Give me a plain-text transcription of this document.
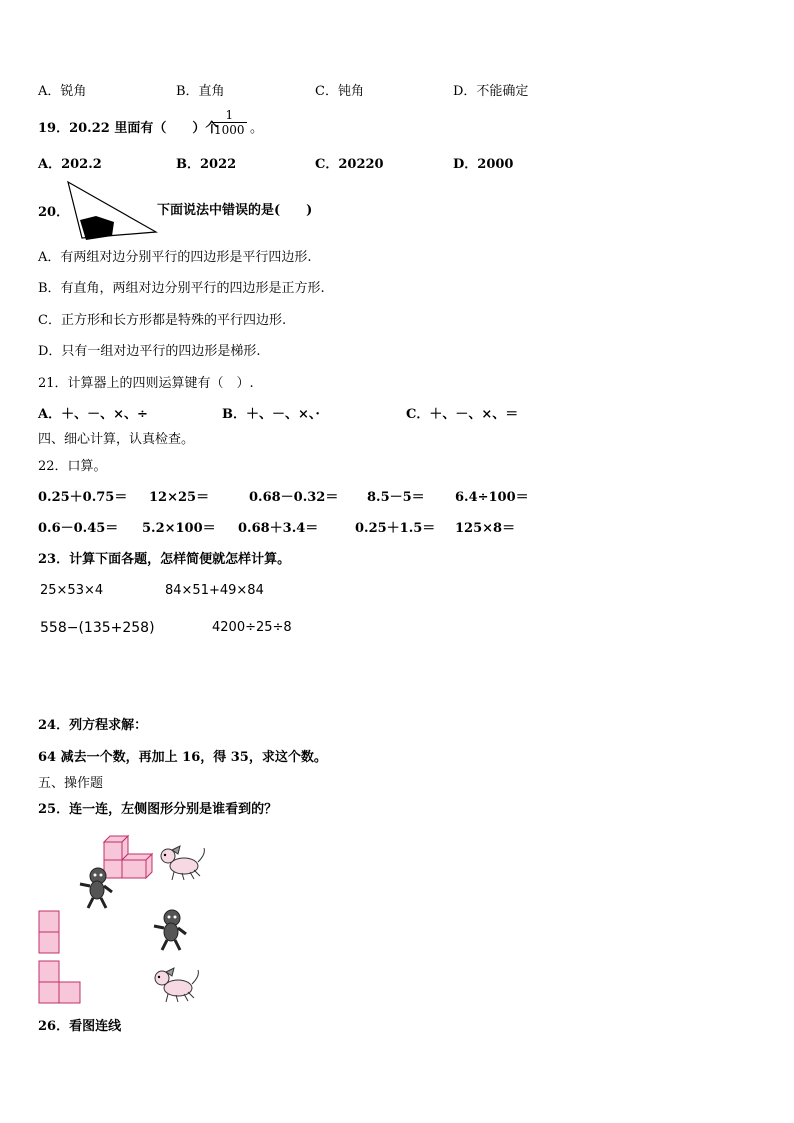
A．锐角	B．直角	C．钝角	D．不能确定
19．20.22 里面有（　　）个
$\frac{1}{1000}$ 。
A．202.2	B．2022	C．20220	D．2000
20．	下面说法中错误的是(　　)
A．有两组对边分别平行的四边形是平行四边形.
B．有直角，两组对边分别平行的四边形是正方形.
C．正方形和长方形都是特殊的平行四边形.
D．只有一组对边平行的四边形是梯形.
21．计算器上的四则运算键有（　）.
A．＋、－、×、÷	B．＋、－、×、·	C．＋、－、×、＝
四、细心计算，认真检查。
22．口算。
0.25＋0.75＝ 12×25＝	0.68－0.32＝ 8.5－5＝ 6.4÷100＝
0.6－0.45＝ 5.2×100＝ 0.68＋3.4＝	0.25＋1.5＝ 125×8＝
23．计算下面各题，怎样简便就怎样计算。
25×53×4	84×51+49×84
558−(135+258)	4200÷25÷8
24．列方程求解：
64 减去一个数，再加上 16，得 35，求这个数。
五、操作题
25．连一连，左侧图形分别是谁看到的？
26．看图连线
